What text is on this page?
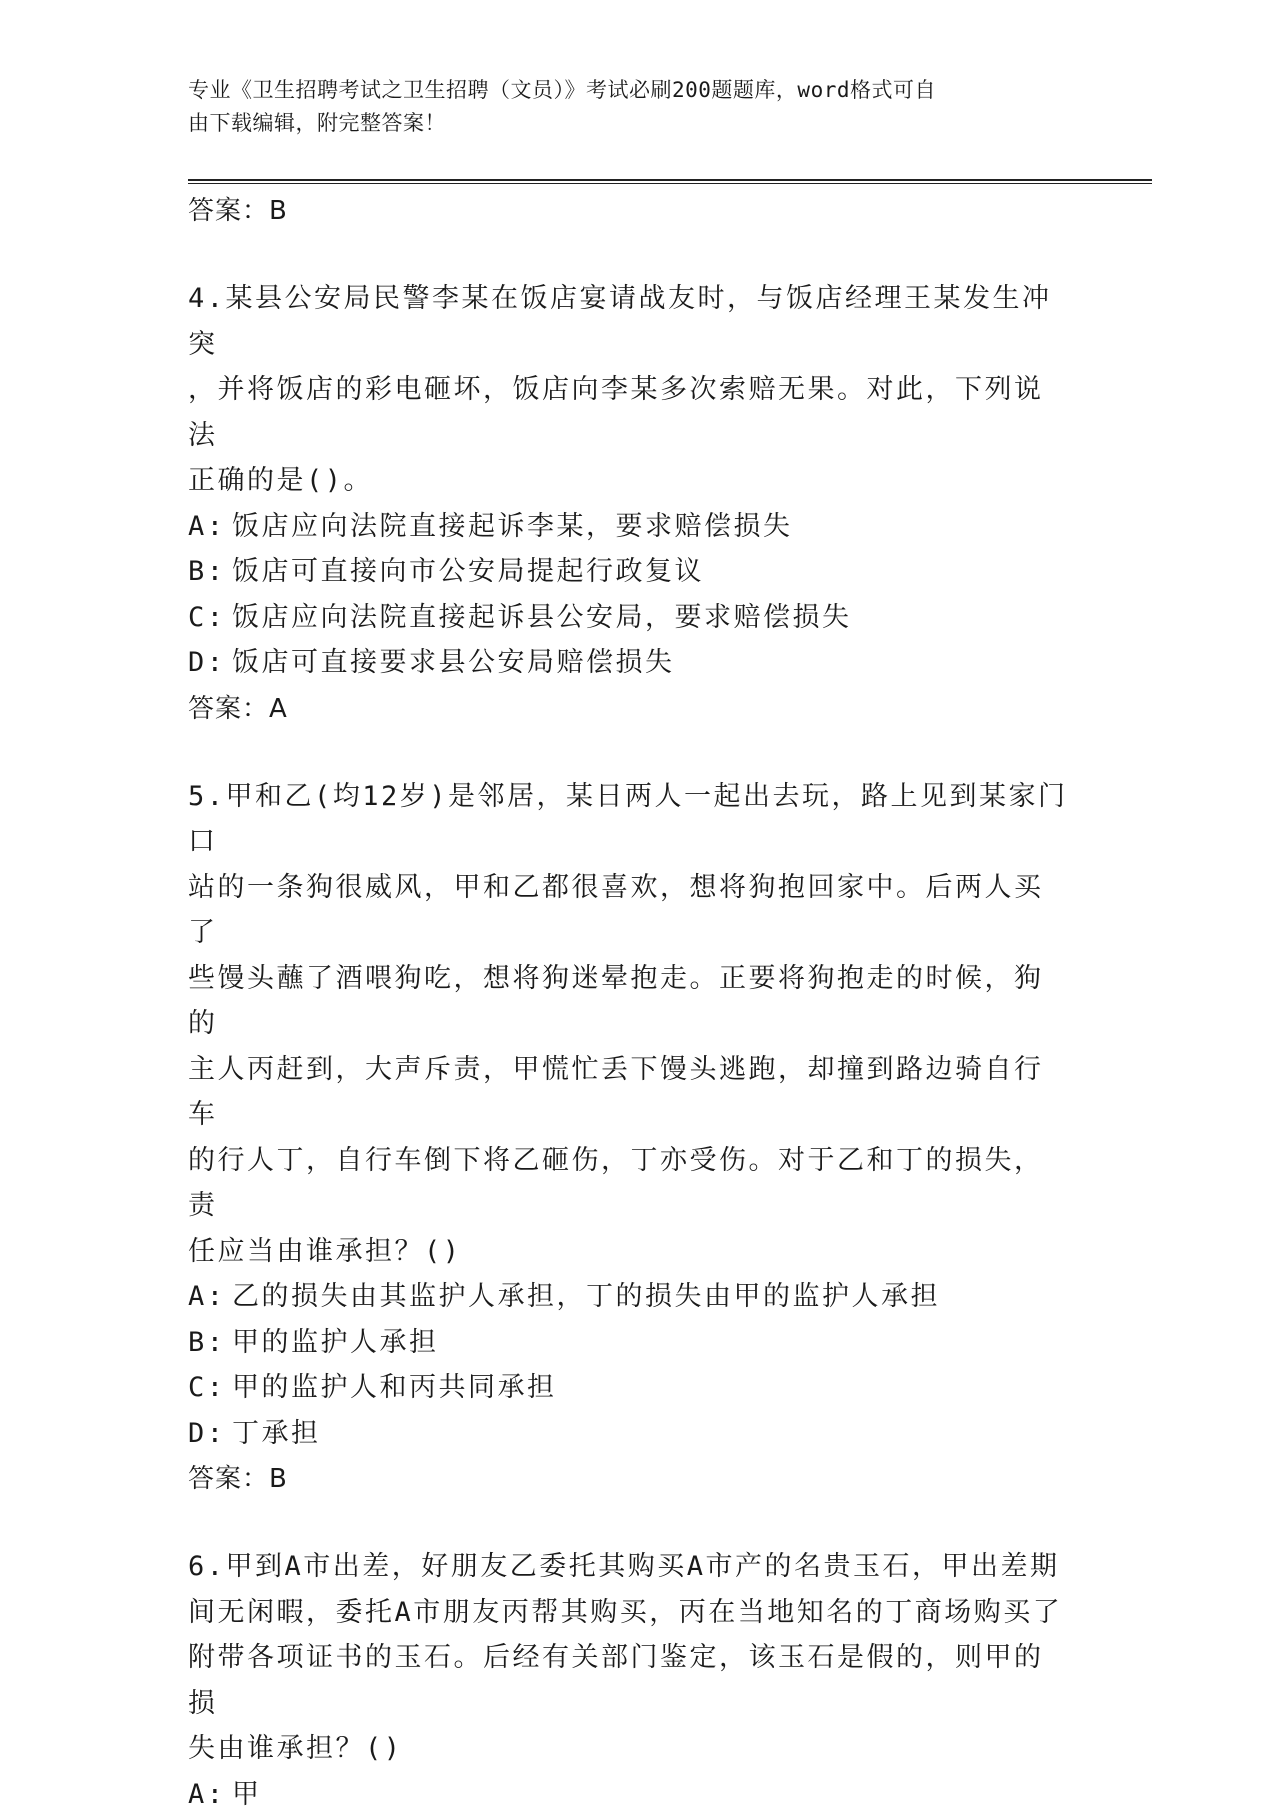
专业《卫生招聘考试之卫生招聘（文员）》考试必刷200题题库，word格式可自
由下载编辑，附完整答案！

答案：B

4.某县公安局民警李某在饭店宴请战友时，与饭店经理王某发生冲突

，并将饭店的彩电砸坏，饭店向李某多次索赔无果。对此，下列说法

正确的是()。

A: 饭店应向法院直接起诉李某，要求赔偿损失

B: 饭店可直接向市公安局提起行政复议

C: 饭店应向法院直接起诉县公安局，要求赔偿损失

D: 饭店可直接要求县公安局赔偿损失

答案：A

5.甲和乙(均12岁)是邻居，某日两人一起出去玩，路上见到某家门口

站的一条狗很威风，甲和乙都很喜欢，想将狗抱回家中。后两人买了

些馒头蘸了酒喂狗吃，想将狗迷晕抱走。正要将狗抱走的时候，狗的

主人丙赶到，大声斥责，甲慌忙丢下馒头逃跑，却撞到路边骑自行车

的行人丁，自行车倒下将乙砸伤，丁亦受伤。对于乙和丁的损失，责

任应当由谁承担？()

A: 乙的损失由其监护人承担，丁的损失由甲的监护人承担

B: 甲的监护人承担

C: 甲的监护人和丙共同承担

D: 丁承担

答案：B

6.甲到A市出差，好朋友乙委托其购买A市产的名贵玉石，甲出差期

间无闲暇，委托A市朋友丙帮其购买，丙在当地知名的丁商场购买了

附带各项证书的玉石。后经有关部门鉴定，该玉石是假的，则甲的损

失由谁承担？()

A: 甲
